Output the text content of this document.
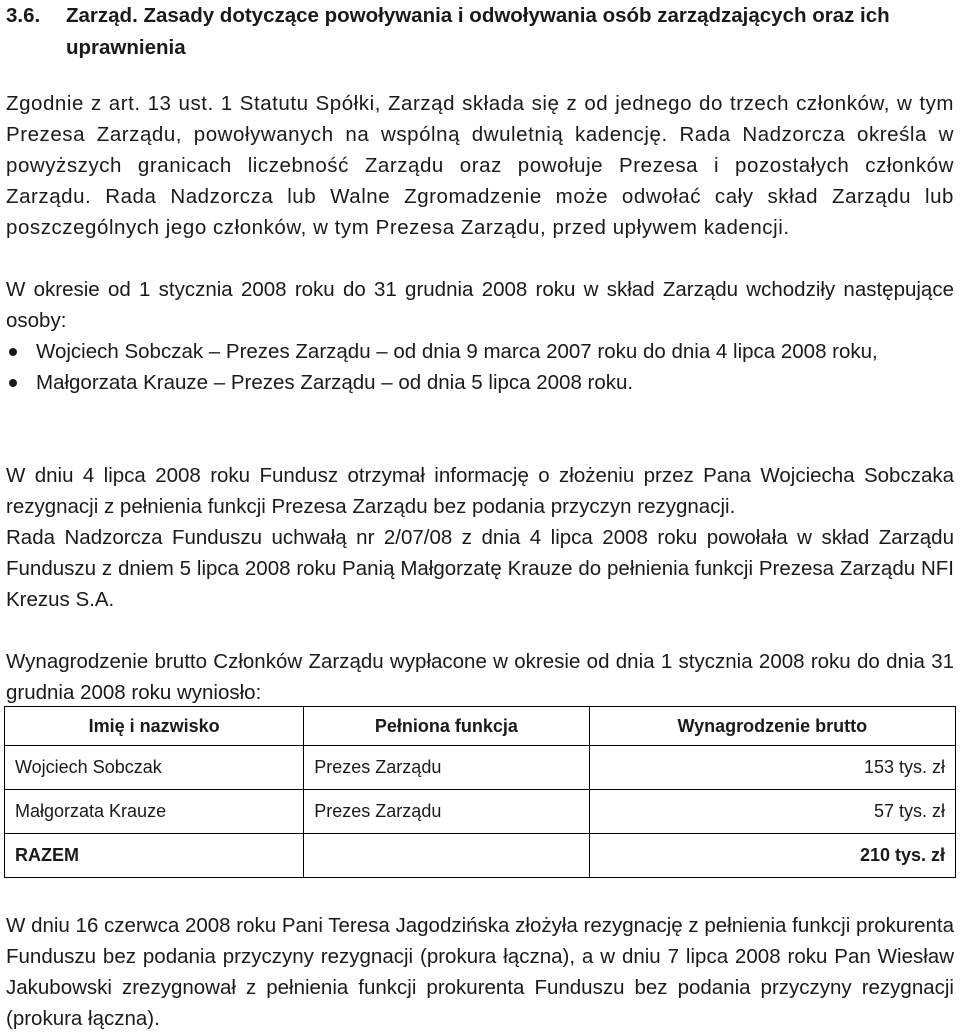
3.6.	Zarząd. Zasady dotyczące powoływania i odwoływania osób zarządzających oraz ich uprawnienia

Zgodnie z art. 13 ust. 1 Statutu Spółki, Zarząd składa się z od jednego do trzech członków, w tym Prezesa Zarządu, powoływanych na wspólną dwuletnią kadencję. Rada Nadzorcza określa w powyższych granicach liczebność Zarządu oraz powołuje Prezesa i pozostałych członków Zarządu. Rada Nadzorcza lub Walne Zgromadzenie może odwołać cały skład Zarządu lub poszczególnych jego członków, w tym Prezesa Zarządu, przed upływem kadencji.

W okresie od 1 stycznia 2008 roku do 31 grudnia 2008 roku w skład Zarządu wchodziły następujące osoby:

Wojciech Sobczak – Prezes Zarządu – od dnia 9 marca 2007 roku do dnia 4 lipca 2008 roku,
Małgorzata Krauze – Prezes Zarządu – od dnia 5 lipca 2008 roku.

W dniu 4 lipca 2008 roku Fundusz otrzymał informację o złożeniu przez Pana Wojciecha Sobczaka rezygnacji z pełnienia funkcji Prezesa Zarządu bez podania przyczyn rezygnacji.

Rada Nadzorcza Funduszu uchwałą nr 2/07/08 z dnia 4 lipca 2008 roku powołała w skład Zarządu Funduszu z dniem 5 lipca 2008 roku Panią Małgorzatę Krauze do pełnienia funkcji Prezesa Zarządu NFI Krezus S.A.

Wynagrodzenie brutto Członków Zarządu wypłacone w okresie od dnia 1 stycznia 2008 roku do dnia 31 grudnia 2008 roku wyniosło:

Imię i nazwisko	Pełniona funkcja	Wynagrodzenie brutto
Wojciech Sobczak	Prezes Zarządu	153 tys. zł
Małgorzata Krauze	Prezes Zarządu	57 tys. zł
RAZEM		210 tys. zł

W dniu 16 czerwca 2008 roku Pani Teresa Jagodzińska złożyła rezygnację z pełnienia funkcji prokurenta Funduszu bez podania przyczyny rezygnacji (prokura łączna), a w dniu 7 lipca 2008 roku Pan Wiesław Jakubowski zrezygnował z pełnienia funkcji prokurenta Funduszu bez podania przyczyny rezygnacji (prokura łączna).
